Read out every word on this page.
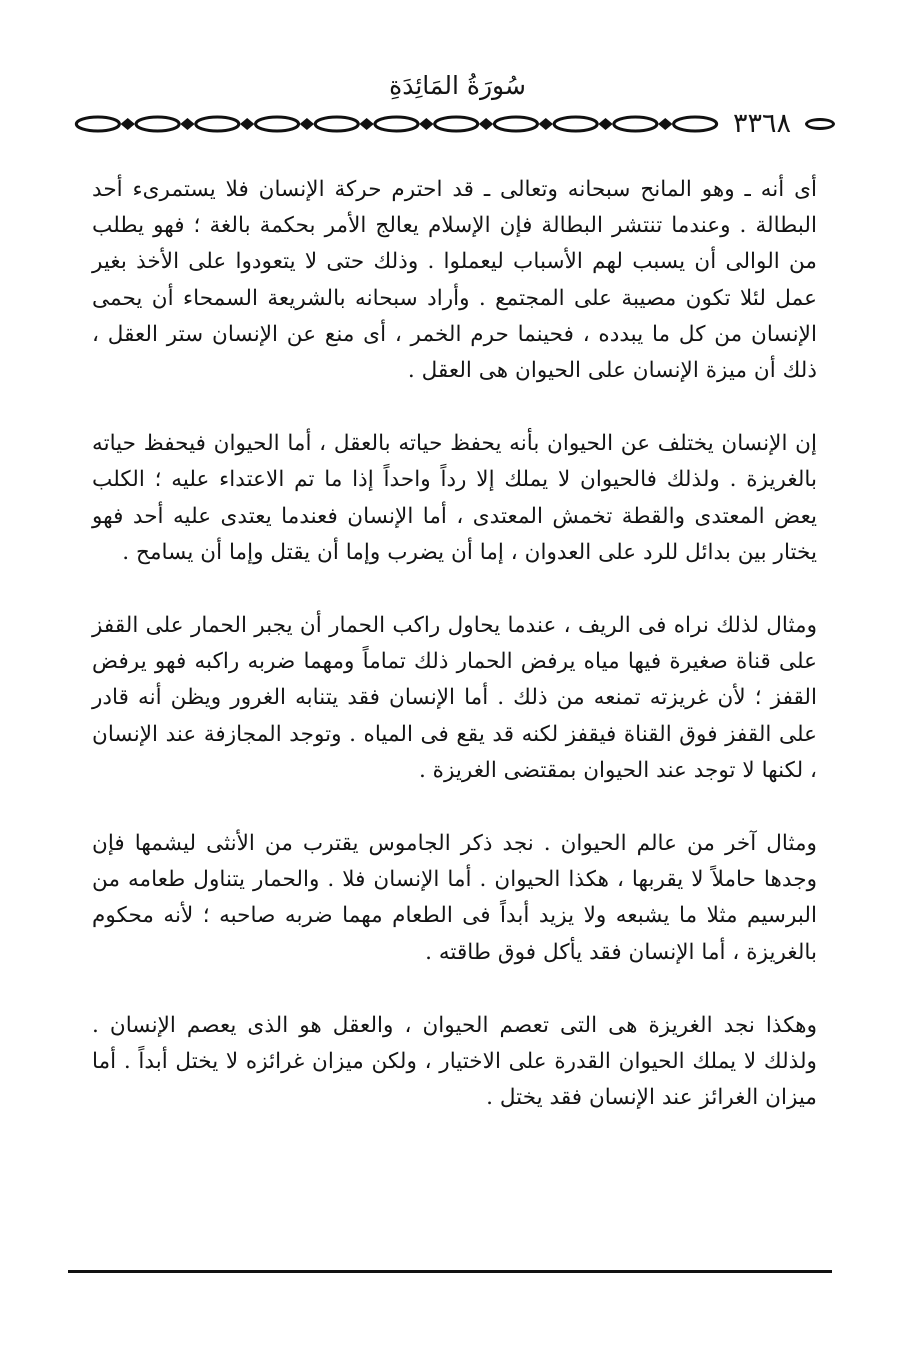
سُورَةُ المَائِدَةِ
٣٣٦٨

أى أنه ـ وهو المانح سبحانه وتعالى ـ قد احترم حركة الإنسان فلا يستمرىء أحد البطالة . وعندما تنتشر البطالة فإن الإسلام يعالج الأمر بحكمة بالغة ؛ فهو يطلب من الوالى أن يسبب لهم الأسباب ليعملوا . وذلك حتى لا يتعودوا على الأخذ بغير عمل لئلا تكون مصيبة على المجتمع . وأراد سبحانه بالشريعة السمحاء أن يحمى الإنسان من كل ما يبدده ، فحينما حرم الخمر ، أى منع عن الإنسان ستر العقل ، ذلك أن ميزة الإنسان على الحيوان هى العقل .

إن الإنسان يختلف عن الحيوان بأنه يحفظ حياته بالعقل ، أما الحيوان فيحفظ حياته بالغريزة . ولذلك فالحيوان لا يملك إلا رداً واحداً إذا ما تم الاعتداء عليه ؛ الكلب يعض المعتدى والقطة تخمش المعتدى ، أما الإنسان فعندما يعتدى عليه أحد فهو يختار بين بدائل للرد على العدوان ، إما أن يضرب وإما أن يقتل وإما أن يسامح .

ومثال لذلك نراه فى الريف ، عندما يحاول راكب الحمار أن يجبر الحمار على القفز على قناة صغيرة فيها مياه يرفض الحمار ذلك تماماً ومهما ضربه راكبه فهو يرفض القفز ؛ لأن غريزته تمنعه من ذلك . أما الإنسان فقد يتنابه الغرور ويظن أنه قادر على القفز فوق القناة فيقفز لكنه قد يقع فى المياه . وتوجد المجازفة عند الإنسان ، لكنها لا توجد عند الحيوان بمقتضى الغريزة .

ومثال آخر من عالم الحيوان . نجد ذكر الجاموس يقترب من الأنثى ليشمها فإن وجدها حاملاً لا يقربها ، هكذا الحيوان . أما الإنسان فلا . والحمار يتناول طعامه من البرسيم مثلا ما يشبعه ولا يزيد أبداً فى الطعام مهما ضربه صاحبه ؛ لأنه محكوم بالغريزة ، أما الإنسان فقد يأكل فوق طاقته .

وهكذا نجد الغريزة هى التى تعصم الحيوان ، والعقل هو الذى يعصم الإنسان . ولذلك لا يملك الحيوان القدرة على الاختيار ، ولكن ميزان غرائزه لا يختل أبداً . أما ميزان الغرائز عند الإنسان فقد يختل .
